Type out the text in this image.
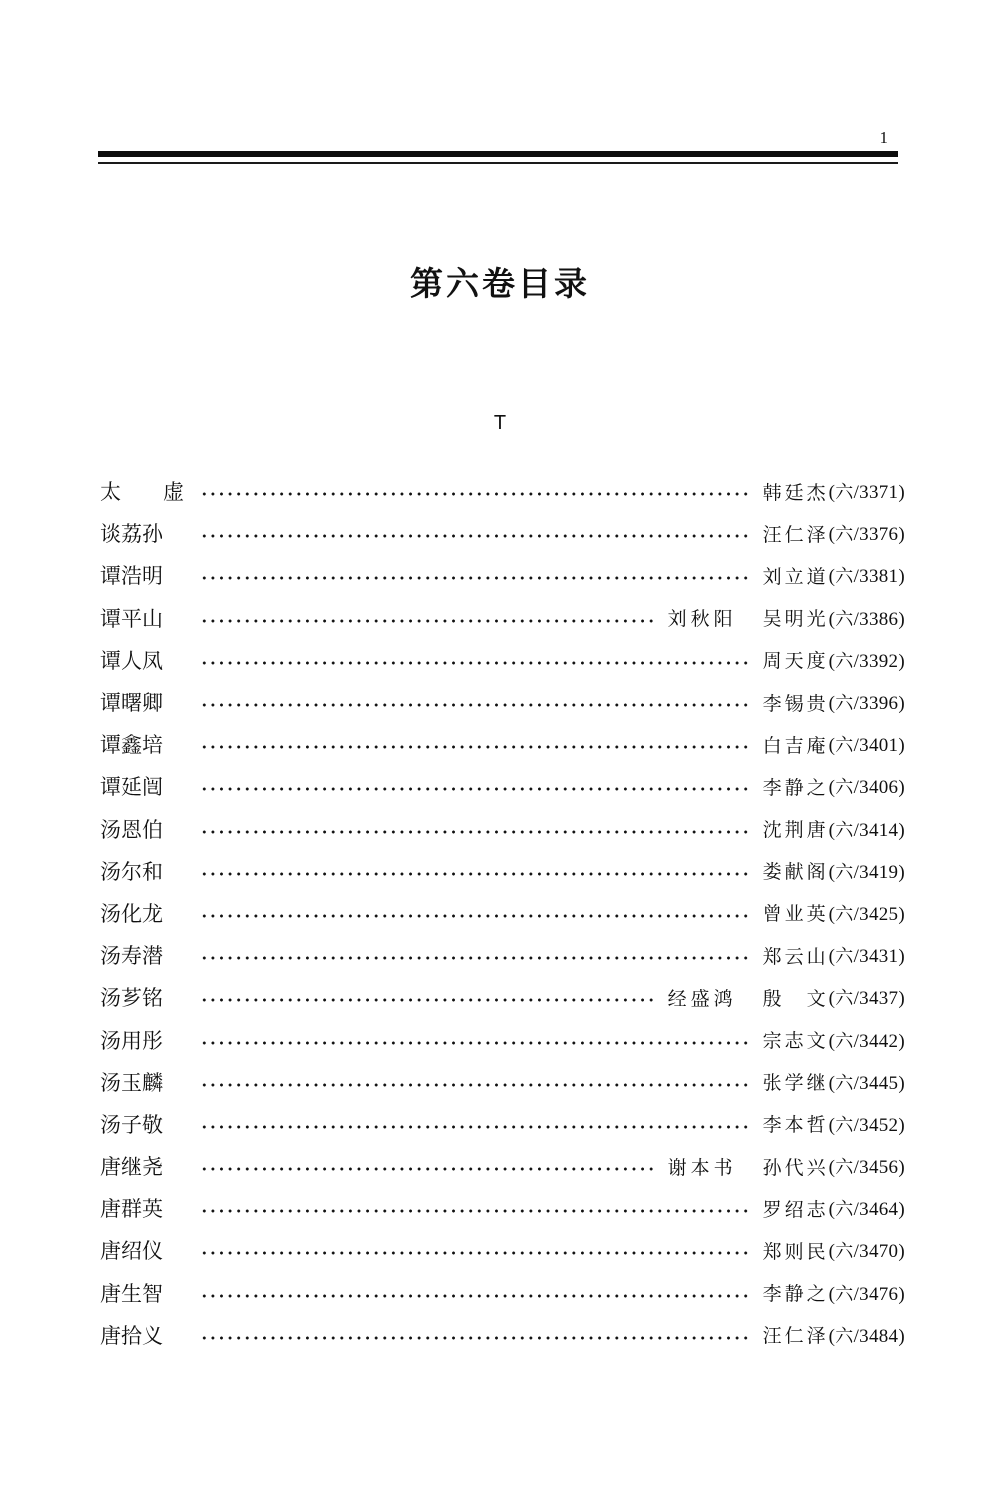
1
第六卷目录
T
太 虚	韩廷杰 (六/3371)
谈荔孙	汪仁泽 (六/3376)
谭浩明	刘立道 (六/3381)
谭平山	刘秋阳 吴明光 (六/3386)
谭人凤	周天度 (六/3392)
谭曙卿	李锡贵 (六/3396)
谭鑫培	白吉庵 (六/3401)
谭延闿	李静之 (六/3406)
汤恩伯	沈荆唐 (六/3414)
汤尔和	娄献阁 (六/3419)
汤化龙	曾业英 (六/3425)
汤寿潜	郑云山 (六/3431)
汤芗铭	经盛鸿 殷　文 (六/3437)
汤用彤	宗志文 (六/3442)
汤玉麟	张学继 (六/3445)
汤子敬	李本哲 (六/3452)
唐继尧	谢本书 孙代兴 (六/3456)
唐群英	罗绍志 (六/3464)
唐绍仪	郑则民 (六/3470)
唐生智	李静之 (六/3476)
唐拾义	汪仁泽 (六/3484)
